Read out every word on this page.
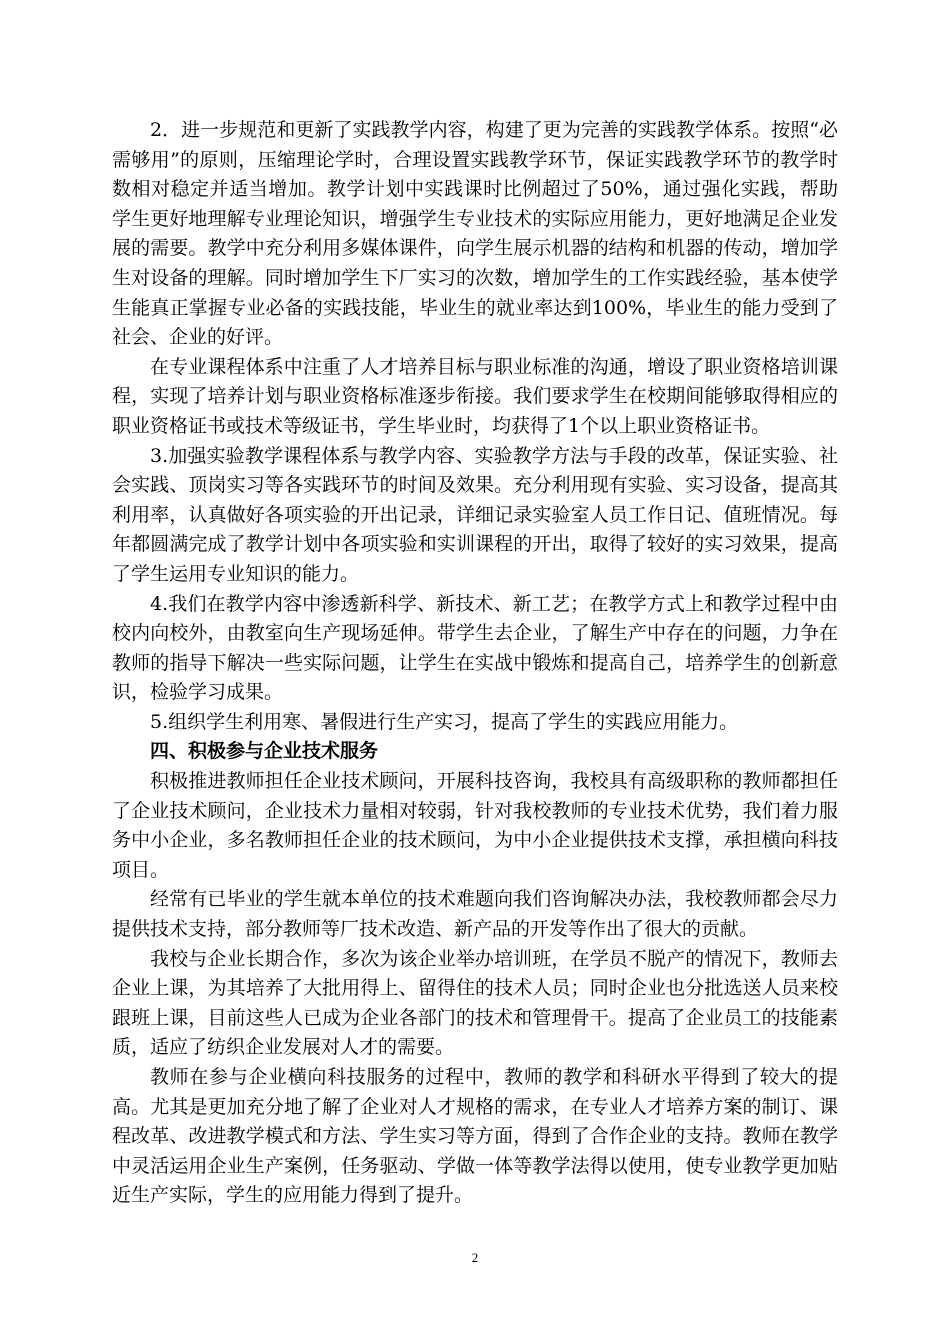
2．进一步规范和更新了实践教学内容，构建了更为完善的实践教学体系。按照“必需够用”的原则，压缩理论学时，合理设置实践教学环节，保证实践教学环节的教学时数相对稳定并适当增加。教学计划中实践课时比例超过了50%，通过强化实践，帮助学生更好地理解专业理论知识，增强学生专业技术的实际应用能力，更好地满足企业发展的需要。教学中充分利用多媒体课件，向学生展示机器的结构和机器的传动，增加学生对设备的理解。同时增加学生下厂实习的次数，增加学生的工作实践经验，基本使学生能真正掌握专业必备的实践技能，毕业生的就业率达到100%，毕业生的能力受到了社会、企业的好评。

在专业课程体系中注重了人才培养目标与职业标准的沟通，增设了职业资格培训课程，实现了培养计划与职业资格标准逐步衔接。我们要求学生在校期间能够取得相应的职业资格证书或技术等级证书，学生毕业时，均获得了1个以上职业资格证书。

3.加强实验教学课程体系与教学内容、实验教学方法与手段的改革，保证实验、社会实践、顶岗实习等各实践环节的时间及效果。充分利用现有实验、实习设备，提高其利用率，认真做好各项实验的开出记录，详细记录实验室人员工作日记、值班情况。每年都圆满完成了教学计划中各项实验和实训课程的开出，取得了较好的实习效果，提高了学生运用专业知识的能力。

4.我们在教学内容中渗透新科学、新技术、新工艺；在教学方式上和教学过程中由校内向校外，由教室向生产现场延伸。带学生去企业，了解生产中存在的问题，力争在教师的指导下解决一些实际问题，让学生在实战中锻炼和提高自己，培养学生的创新意识，检验学习成果。

5.组织学生利用寒、暑假进行生产实习，提高了学生的实践应用能力。

四、积极参与企业技术服务

积极推进教师担任企业技术顾问，开展科技咨询，我校具有高级职称的教师都担任了企业技术顾问，企业技术力量相对较弱，针对我校教师的专业技术优势，我们着力服务中小企业，多名教师担任企业的技术顾问，为中小企业提供技术支撑，承担横向科技项目。

经常有已毕业的学生就本单位的技术难题向我们咨询解决办法，我校教师都会尽力提供技术支持，部分教师等厂技术改造、新产品的开发等作出了很大的贡献。

我校与企业长期合作，多次为该企业举办培训班，在学员不脱产的情况下，教师去企业上课，为其培养了大批用得上、留得住的技术人员；同时企业也分批选送人员来校跟班上课，目前这些人已成为企业各部门的技术和管理骨干。提高了企业员工的技能素质，适应了纺织企业发展对人才的需要。

教师在参与企业横向科技服务的过程中，教师的教学和科研水平得到了较大的提高。尤其是更加充分地了解了企业对人才规格的需求，在专业人才培养方案的制订、课程改革、改进教学模式和方法、学生实习等方面，得到了合作企业的支持。教师在教学中灵活运用企业生产案例，任务驱动、学做一体等教学法得以使用，使专业教学更加贴近生产实际，学生的应用能力得到了提升。

2
